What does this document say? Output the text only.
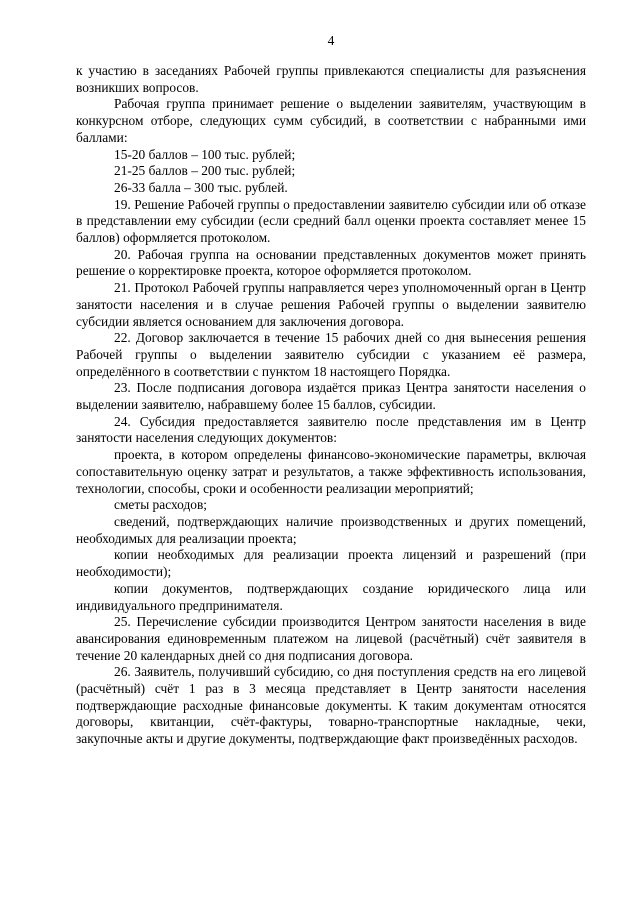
4

к участию в заседаниях Рабочей группы привлекаются специалисты для разъяснения возникших вопросов.

Рабочая группа принимает решение о выделении заявителям, участвующим в конкурсном отборе, следующих сумм субсидий, в соответствии с набранными ими баллами:

15-20 баллов – 100 тыс. рублей;

21-25 баллов – 200 тыс. рублей;

26-33 балла – 300 тыс. рублей.

19. Решение Рабочей группы о предоставлении заявителю субсидии или об отказе в представлении ему субсидии (если средний балл оценки проекта составляет менее 15 баллов) оформляется протоколом.

20. Рабочая группа на основании представленных документов может принять решение о корректировке проекта, которое оформляется протоколом.

21. Протокол Рабочей группы направляется через уполномоченный орган в Центр занятости населения и в случае решения Рабочей группы о выделении заявителю субсидии является основанием для заключения договора.

22. Договор заключается в течение 15 рабочих дней со дня вынесения решения Рабочей группы о выделении заявителю субсидии с указанием её размера, определённого в соответствии с пунктом 18 настоящего Порядка.

23. После подписания договора издаётся приказ Центра занятости населения о выделении заявителю, набравшему более 15 баллов, субсидии.

24. Субсидия предоставляется заявителю после представления им в Центр занятости населения следующих документов:

проекта, в котором определены финансово-экономические параметры, включая сопоставительную оценку затрат и результатов, а также эффективность использования, технологии, способы, сроки и особенности реализации мероприятий;

сметы расходов;

сведений, подтверждающих наличие производственных и других помещений, необходимых для реализации проекта;

копии необходимых для реализации проекта лицензий и разрешений (при необходимости);

копии документов, подтверждающих создание юридического лица или индивидуального предпринимателя.

25. Перечисление субсидии производится Центром занятости населения в виде авансирования единовременным платежом на лицевой (расчётный) счёт заявителя в течение 20 календарных дней со дня подписания договора.

26. Заявитель, получивший субсидию, со дня поступления средств на его лицевой (расчётный) счёт 1 раз в 3 месяца представляет в Центр занятости населения подтверждающие расходные финансовые документы. К таким документам относятся договоры, квитанции, счёт-фактуры, товарно-транспортные накладные, чеки, закупочные акты и другие документы, подтверждающие факт произведённых расходов.
